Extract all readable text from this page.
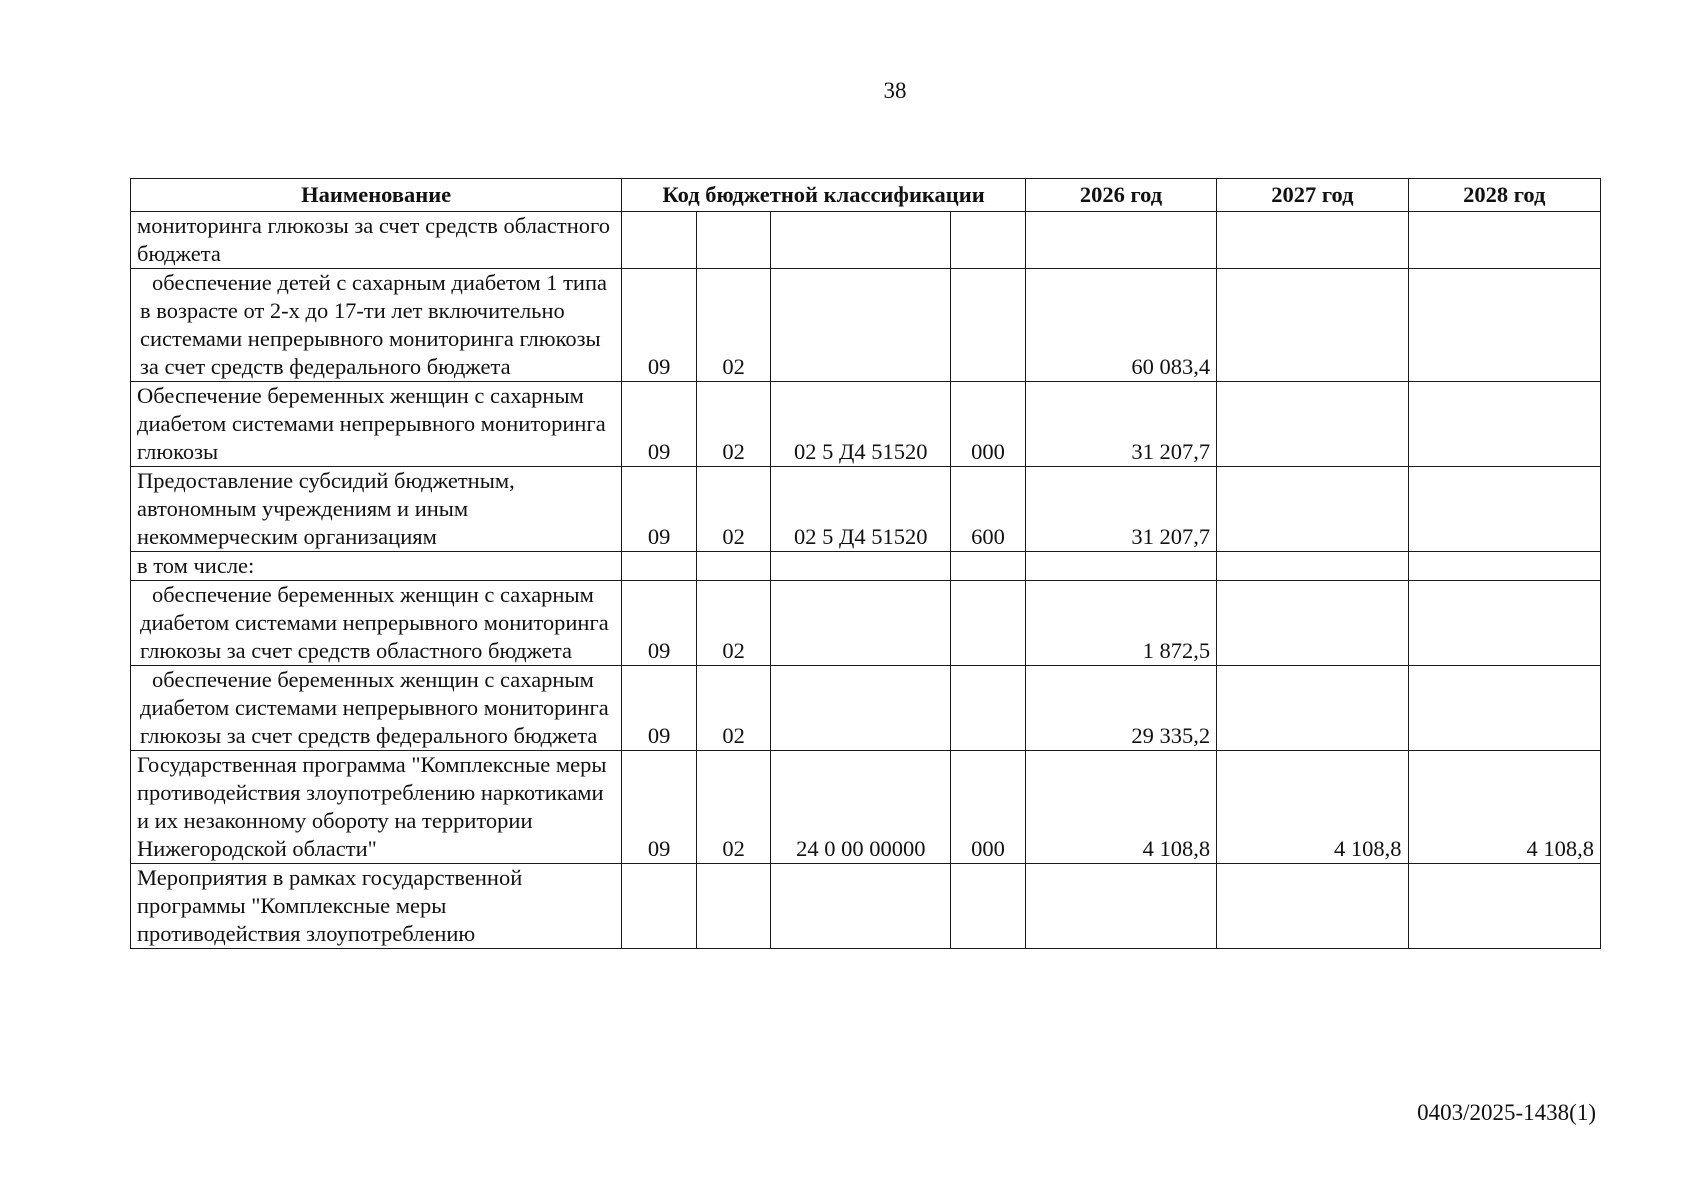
38
Наименование	Код бюджетной классификации				2026 год	2027 год	2028 год
мониторинга глюкозы за счет средств областного бюджета							
обеспечение детей с сахарным диабетом 1 типа в возрасте от 2-х до 17-ти лет включительно системами непрерывного мониторинга глюкозы за счет средств федерального бюджета	09	02			60 083,4		
Обеспечение беременных женщин с сахарным диабетом системами непрерывного мониторинга глюкозы	09	02	02 5 Д4 51520	000	31 207,7		
Предоставление субсидий бюджетным, автономным учреждениям и иным некоммерческим организациям	09	02	02 5 Д4 51520	600	31 207,7		
в том числе:							
обеспечение беременных женщин с сахарным диабетом системами непрерывного мониторинга глюкозы за счет средств областного бюджета	09	02			1 872,5		
обеспечение беременных женщин с сахарным диабетом системами непрерывного мониторинга глюкозы за счет средств федерального бюджета	09	02			29 335,2		
Государственная программа "Комплексные меры противодействия злоупотреблению наркотиками и их незаконному обороту на территории Нижегородской области"	09	02	24 0 00 00000	000	4 108,8	4 108,8	4 108,8
Мероприятия в рамках государственной программы "Комплексные меры противодействия злоупотреблению							
0403/2025-1438(1)
